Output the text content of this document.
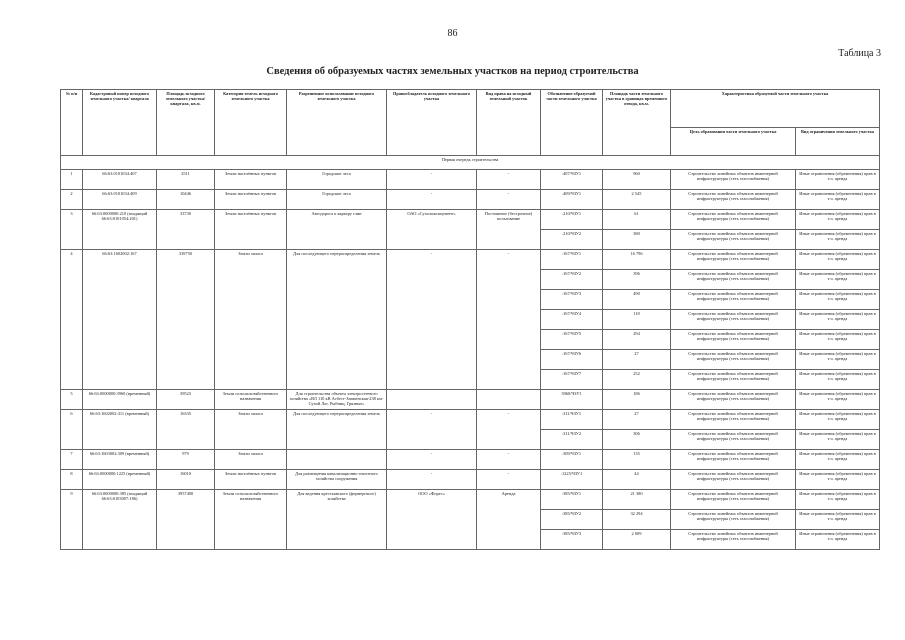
86
Таблица 3
Сведения об образуемых частях земельных участков на период строительства
№ п/п	Кадастровый номер исходного земельного участка/ квартала	Площадь исходного земельного участка/ квартала, кв.м.	Категория земель исходного земельного участка	Разрешенное использование исходного земельного участка	Правообладатель исходного земельного участка	Вид права на исходный земельный участок	Обозначение образуемой части земельного участка	Площадь части земельного участка в границах временного отвода, кв.м.	Характеристика образуемой части земельного участка	
									Цель образования части земельного участка	Вид ограничения земельного участка
Первая очередь строительства										
1	66:63:0101034:407	2511	Земли населённых пунктов	Городские леса	-	-	:407/ЧЗУ1	960	Строительство линейных объектов инженерной инфраструктуры (сеть газоснабжения)	Иные ограничения (обременения) прав в т.ч. аренда
2	66:63:0101034:409	10446	Земли населённых пунктов	Городские леса	-	-	:409/ЧЗУ1	2 545	Строительство линейных объектов инженерной инфраструктуры (сеть газоснабжения)	Иные ограничения (обременения) прав в т.ч. аренда
3	66:63:0000000:210 (входящий 66:63:0101054:201)	33730	Земли населённых пунктов	Автодорога к карьеру глин	ОАО «Сухоложскцемент»	Постоянное (бессрочное) пользование	:210/ЧЗУ1	61	Строительство линейных объектов инженерной инфраструктуры (сеть газоснабжения)	Иные ограничения (обременения) прав в т.ч. аренда
							:210/ЧЗУ2	380	Строительство линейных объектов инженерной инфраструктуры (сеть газоснабжения)	Иные ограничения (обременения) прав в т.ч. аренда
4	66:63:1602002:167	339750	Земли запаса	Для последующего перераспределения земель	-	-	:167/ЧЗУ1	16 796	Строительство линейных объектов инженерной инфраструктуры (сеть газоснабжения)	Иные ограничения (обременения) прав в т.ч. аренда
							:167/ЧЗУ2	396	Строительство линейных объектов инженерной инфраструктуры (сеть газоснабжения)	Иные ограничения (обременения) прав в т.ч. аренда
							:167/ЧЗУ3	490	Строительство линейных объектов инженерной инфраструктуры (сеть газоснабжения)	Иные ограничения (обременения) прав в т.ч. аренда
							:167/ЧЗУ4	118	Строительство линейных объектов инженерной инфраструктуры (сеть газоснабжения)	Иные ограничения (обременения) прав в т.ч. аренда
							:167/ЧЗУ5	294	Строительство линейных объектов инженерной инфраструктуры (сеть газоснабжения)	Иные ограничения (обременения) прав в т.ч. аренда
							:167/ЧЗУ6	27	Строительство линейных объектов инженерной инфраструктуры (сеть газоснабжения)	Иные ограничения (обременения) прав в т.ч. аренда
							:167/ЧЗУ7	252	Строительство линейных объектов инженерной инфраструктуры (сеть газоснабжения)	Иные ограничения (обременения) прав в т.ч. аренда
5	66:63:0000000:3960 (временный)	39523	Земли сельскохозяйственного назначения	Для строительства объекта электросетевого хозяйства «ВЛ 110 кВ Асбест-Знаменская-238 км-Сухой Лог, Рыбниц, Грязные»			3960/ЧЗУ1	186	Строительство линейных объектов инженерной инфраструктуры (сеть газоснабжения)	Иные ограничения (обременения) прав в т.ч. аренда
6	66:63:1602002:311 (временный)	16335	Земли запаса	Для последующего перераспределения земель	-	-	:311/ЧЗУ1	27	Строительство линейных объектов инженерной инфраструктуры (сеть газоснабжения)	Иные ограничения (обременения) прав в т.ч. аренда
							:311/ЧЗУ2	306	Строительство линейных объектов инженерной инфраструктуры (сеть газоснабжения)	Иные ограничения (обременения) прав в т.ч. аренда
7	66:63:1603002:309 (временный)	979	Земли запаса		-	-	:309/ЧЗУ1	135	Строительство линейных объектов инженерной инфраструктуры (сеть газоснабжения)	Иные ограничения (обременения) прав в т.ч. аренда
8	66:63:0000000:1225 (временный)	16010	Земли населённых пунктов	Для размещения канализационно-очистного хозяйства сооружения	-	-	:1225/ЧЗУ1	44	Строительство линейных объектов инженерной инфраструктуры (сеть газоснабжения)	Иные ограничения (обременения) прав в т.ч. аренда
9	66:63:0000000:385 (входящий 66:63:0103007:186)	3957400	Земли сельскохозяйственного назначения	Для ведения крестьянского (фермерского) хозяйства	ООО «Форес»	Аренда	:385/ЧЗУ1	21 380	Строительство линейных объектов инженерной инфраструктуры (сеть газоснабжения)	Иные ограничения (обременения) прав в т.ч. аренда
							:385/ЧЗУ2	32 294	Строительство линейных объектов инженерной инфраструктуры (сеть газоснабжения)	Иные ограничения (обременения) прав в т.ч. аренда
							:385/ЧЗУ3	2 009	Строительство линейных объектов инженерной инфраструктуры (сеть газоснабжения)	Иные ограничения (обременения) прав в т.ч. аренда
